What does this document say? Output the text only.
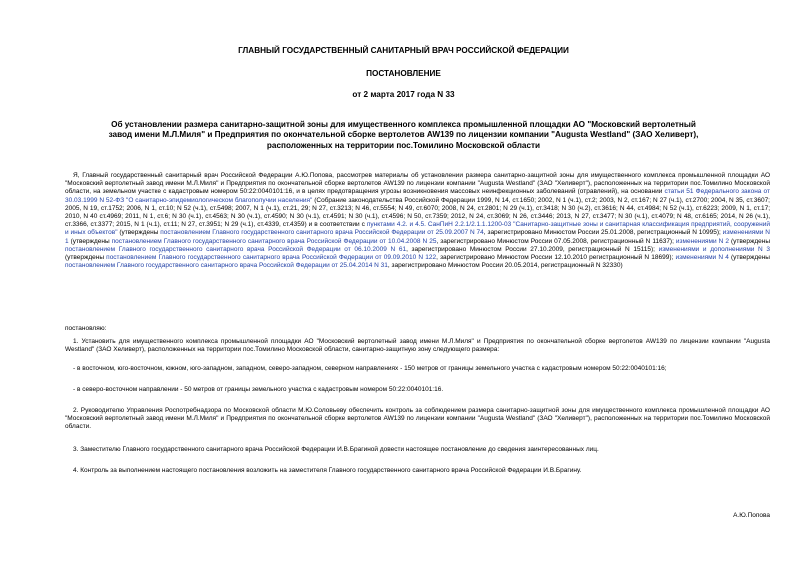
ГЛАВНЫЙ ГОСУДАРСТВЕННЫЙ САНИТАРНЫЙ ВРАЧ РОССИЙСКОЙ ФЕДЕРАЦИИ
ПОСТАНОВЛЕНИЕ
от 2 марта 2017 года N 33
Об установлении размера санитарно-защитной зоны для имущественного комплекса промышленной площадки АО "Московский вертолетный завод имени М.Л.Миля" и Предприятия по окончательной сборке вертолетов AW139 по лицензии компании "Augusta Westland" (ЗАО Хеливерт), расположенных на территории пос.Томилино Московской области
Я, Главный государственный санитарный врач Российской Федерации А.Ю.Попова, рассмотрев материалы об установлении размера санитарно-защитной зоны для имущественного комплекса промышленной площадки АО "Московский вертолетный завод имени М.Л.Миля" и Предприятия по окончательной сборке вертолетов AW139 по лицензии компании "Augusta Westland" (ЗАО "Хеливерт"), расположенных на территории пос.Томилино Московской области, на земельном участке с кадастровым номером 50:22:0040101:16, и в целях предотвращения угрозы возникновения массовых неинфекционных заболеваний (отравлений), на основании статьи 51 Федерального закона от 30.03.1999 N 52-ФЗ "О санитарно-эпидемиологическом благополучии населения" (Собрание законодательства Российской Федерации 1999, N 14, ст.1650; 2002, N 1 (ч.1), ст.2; 2003, N 2, ст.167; N 27 (ч.1), ст.2700; 2004, N 35, ст.3607; 2005, N 19, ст.1752; 2006, N 1, ст.10; N 52 (ч.1), ст.5498; 2007, N 1 (ч.1), ст.21, 29; N 27, ст.3213; N 46, ст.5554; N 49, ст.6070; 2008, N 24, ст.2801; N 29 (ч.1), ст.3418; N 30 (ч.2), ст.3616; N 44, ст.4984; N 52 (ч.1), ст.6223; 2009, N 1, ст.17; 2010, N 40 ст.4969; 2011, N 1, ст.6; N 30 (ч.1), ст.4563; N 30 (ч.1), ст.4590; N 30 (ч.1), ст.4591; N 30 (ч.1), ст.4596; N 50, ст.7359; 2012, N 24, ст.3069; N 26, ст.3446; 2013, N 27, ст.3477; N 30 (ч.1), ст.4079; N 48, ст.6165; 2014, N 26 (ч.1), ст.3366, ст.3377; 2015, N 1 (ч.1), ст.11; N 27, ст.3951; N 29 (ч.1), ст.4339, ст.4359) и в соответствии с пунктами 4.2. и 4.5. СанПиН 2.2.1/2.1.1.1200-03 "Санитарно-защитные зоны и санитарная классификация предприятий, сооружений и иных объектов" (утверждены постановлением Главного государственного санитарного врача Российской Федерации от 25.09.2007 N 74, зарегистрировано Минюстом России 25.01.2008, регистрационный N 10995); изменениями N 1 (утверждены постановлением Главного государственного санитарного врача Российской Федерации от 10.04.2008 N 25, зарегистрировано Минюстом России 07.05.2008, регистрационный N 11637); изменениями N 2 (утверждены постановлением Главного государственного санитарного врача Российской Федерации от 06.10.2009 N 61, зарегистрировано Минюстом России 27.10.2009, регистрационный N 15115); изменениями и дополнениями N 3 (утверждены постановлением Главного государственного санитарного врача Российской Федерации от 09.09.2010 N 122, зарегистрировано Минюстом России 12.10.2010 регистрационный N 18699); изменениями N 4 (утверждены постановлением Главного государственного санитарного врача Российской Федерации от 25.04.2014 N 31, зарегистрировано Минюстом России 20.05.2014, регистрационный N 32330)
постановляю:
1. Установить для имущественного комплекса промышленной площадки АО "Московский вертолетный завод имени М.Л.Миля" и Предприятия по окончательной сборке вертолетов AW139 по лицензии компании "Augusta Westland" (ЗАО Хеливерт), расположенных на территории пос.Томилино Московской области, санитарно-защитную зону следующего размера:
- в восточном, юго-восточном, южном, юго-западном, западном, северо-западном, северном направлениях - 150 метров от границы земельного участка с кадастровым номером 50:22:0040101:16;
- в северо-восточном направлении - 50 метров от границы земельного участка с кадастровым номером 50:22:0040101:16.
2. Руководителю Управления Роспотребнадзора по Московской области М.Ю.Соловьеву обеспечить контроль за соблюдением размера санитарно-защитной зоны для имущественного комплекса промышленной площадки АО "Московский вертолетный завод имени М.Л.Миля" и Предприятия по окончательной сборке вертолетов AW139 по лицензии компании "Augusta Westland" (ЗАО "Хеливерт"), расположенных на территории пос.Томилино Московской области.
3. Заместителю Главного государственного санитарного врача Российской Федерации И.В.Брагиной довести настоящее постановление до сведения заинтересованных лиц.
4. Контроль за выполнением настоящего постановления возложить на заместителя Главного государственного санитарного врача Российской Федерации И.В.Брагину.
А.Ю.Попова
